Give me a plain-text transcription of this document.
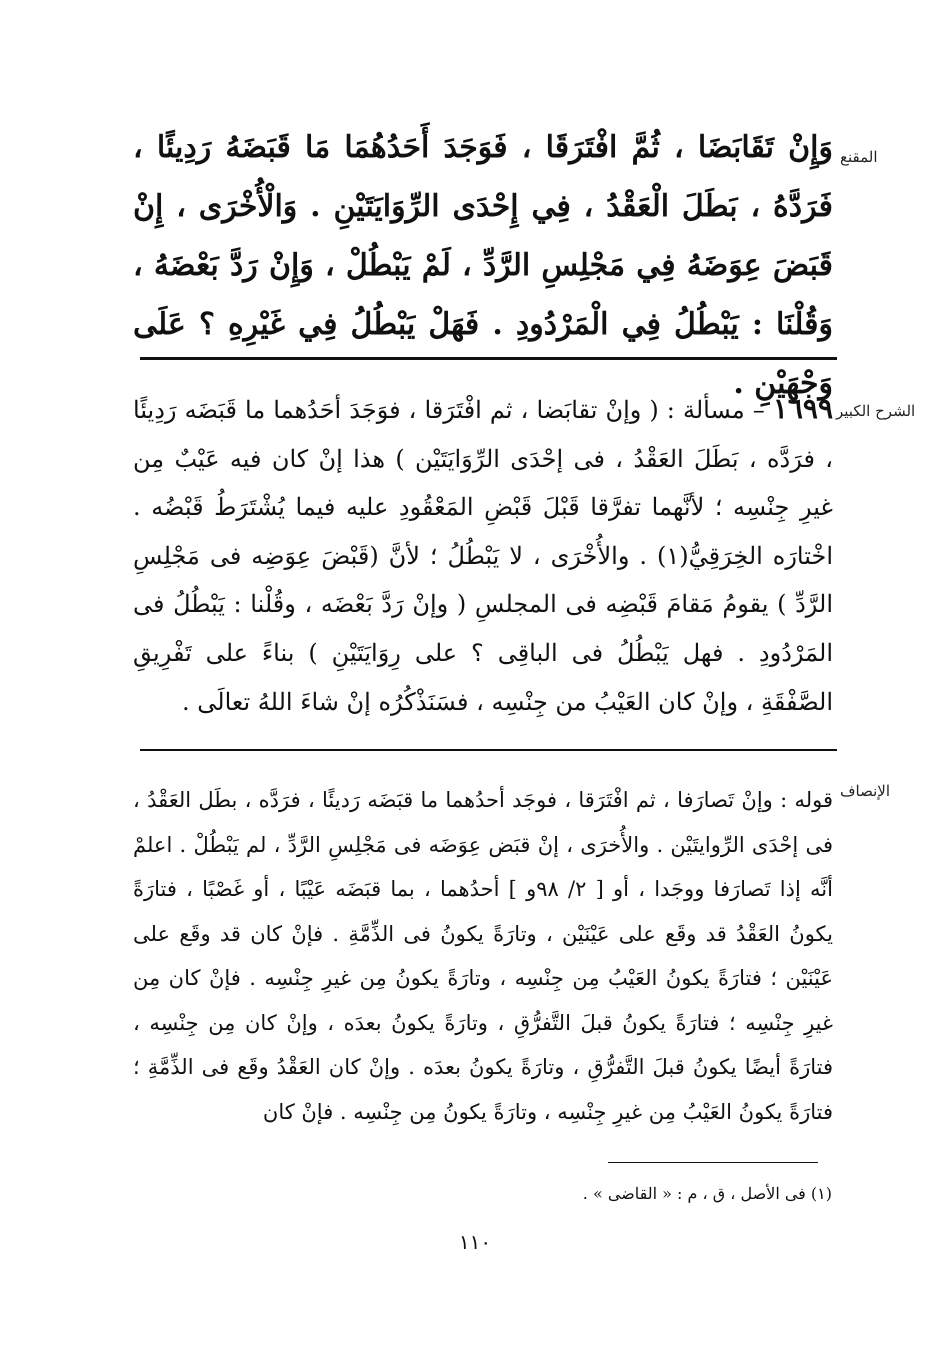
المقنع

وَإِنْ تَقَابَضَا ، ثُمَّ افْتَرَقَا ، فَوَجَدَ أَحَدُهُمَا مَا قَبَضَهُ رَدِيئًا ، فَرَدَّهُ ، بَطَلَ الْعَقْدُ ، فِي إِحْدَى الرِّوَايَتَيْنِ . وَالْأُخْرَى ، إِنْ قَبَضَ عِوَضَهُ فِي مَجْلِسِ الرَّدِّ ، لَمْ يَبْطُلْ ، وَإِنْ رَدَّ بَعْضَهُ ، وَقُلْنَا : يَبْطُلُ فِي الْمَرْدُودِ . فَهَلْ يَبْطُلُ فِي غَيْرِهِ ؟ عَلَى وَجْهَيْنِ .

الشرح الكبير

١٦٩٩ – مسألة : ( وإنْ تقابَضا ، ثم افْتَرَقا ، فوَجَدَ أحَدُهما ما قَبَضَه رَدِيئًا ، فرَدَّه ، بَطَلَ العَقْدُ ، فى إحْدَى الرِّوَايَتَيْن ) هذا إنْ كان فيه عَيْبٌ مِن غيرِ جِنْسِه ؛ لأنَّهما تفرَّقا قَبْلَ قَبْضِ المَعْقُودِ عليه فيما يُشْتَرَطُ قَبْضُه . اخْتارَه الخِرَقِيُّ(١) . والأُخْرَى ، لا يَبْطُلُ ؛ لأنَّ (قَبْضَ عِوَضِه فى مَجْلِسِ الرَّدِّ ) يقومُ مَقامَ قَبْضِه فى المجلسِ ( وإنْ رَدَّ بَعْضَه ، وقُلْنا : يَبْطُلُ فى المَرْدُودِ . فهل يَبْطُلُ فى الباقِى ؟ على رِوَايَتَيْنِ ) بناءً على تَفْرِيقِ الصَّفْقَةِ ، وإنْ كان العَيْبُ من جِنْسِه ، فسَنَذْكُرُه إنْ شاءَ اللهُ تعالَى .

الإنصاف

قوله : وإنْ تَصارَفا ، ثم افْتَرَقا ، فوجَد أحدُهما ما قبَضَه رَديئًا ، فرَدَّه ، بطَل العَقْدُ ، فى إحْدَى الرِّوايتَيْن . والأُخرَى ، إنْ قبَض عِوَضَه فى مَجْلِسِ الرَّدِّ ، لم يَبْطُلْ . اعلمْ أنَّه إذا تَصارَفا ووجَدا ، أو [ ٢/ ٩٨و ] أحدُهما ، بما قبَضَه عَيْبًا ، أو غَصْبًا ، فتارَةً يكونُ العَقْدُ قد وقَع على عَيْنَيْن ، وتارَةً يكونُ فى الذِّمَّةِ . فإنْ كان قد وقَع على عَيْنَيْن ؛ فتارَةً يكونُ العَيْبُ مِن جِنْسِه ، وتارَةً يكونُ مِن غيرِ جِنْسِه . فإنْ كان مِن غيرِ جِنْسِه ؛ فتارَةً يكونُ قبلَ التَّفرُّقِ ، وتارَةً يكونُ بعدَه ، وإنْ كان مِن جِنْسِه ، فتارَةً أيضًا يكونُ قبلَ التَّفرُّقِ ، وتارَةً يكونُ بعدَه . وإنْ كان العَقْدُ وقَع فى الذِّمَّةِ ؛ فتارَةً يكونُ العَيْبُ مِن غيرِ جِنْسِه ، وتارَةً يكونُ مِن جِنْسِه . فإنْ كان

(١) فى الأصل ، ق ، م : « القاضى » .
١١٠
